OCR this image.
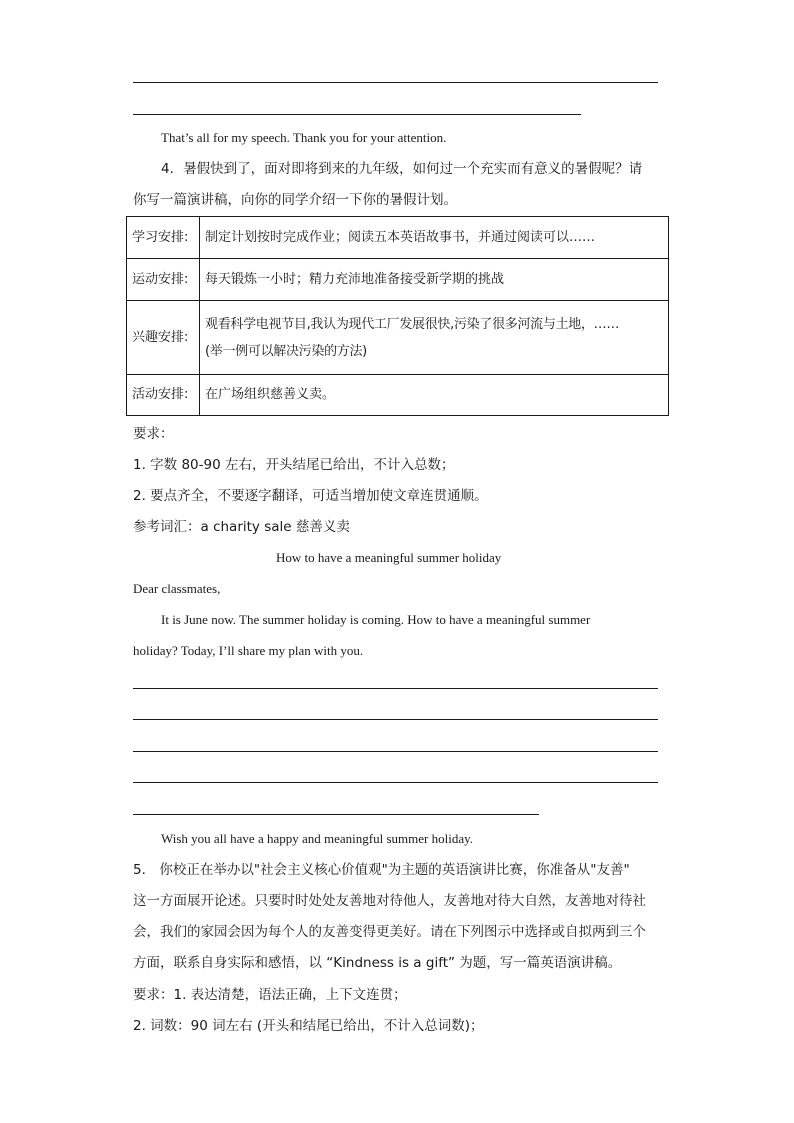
That’s all for my speech. Thank you for your attention.
4．暑假快到了，面对即将到来的九年级，如何过一个充实而有意义的暑假呢？请
你写一篇演讲稿，向你的同学介绍一下你的暑假计划。
学习安排:	制定计划按时完成作业；阅读五本英语故事书，并通过阅读可以……
运动安排:	每天锻炼一小时；精力充沛地准备接受新学期的挑战
兴趣安排:	观看科学电视节目,我认为现代工厂发展很快,污染了很多河流与土地，……
(举一例可以解决污染的方法)

活动安排:	在广场组织慈善义卖。
要求：
1. 字数 80-90 左右，开头结尾已给出，不计入总数；
2. 要点齐全，不要逐字翻译，可适当增加使文章连贯通顺。
参考词汇：a charity sale 慈善义卖
How to have a meaningful summer holiday
Dear classmates,
It is June now. The summer holiday is coming. How to have a meaningful summer
holiday? Today, I’ll share my plan with you.
Wish you all have a happy and meaningful summer holiday.
5． 你校正在举办以"社会主义核心价值观"为主题的英语演讲比赛，你准备从"友善"
这一方面展开论述。只要时时处处友善地对待他人，友善地对待大自然，友善地对待社
会，我们的家园会因为每个人的友善变得更美好。请在下列图示中选择或自拟两到三个
方面，联系自身实际和感悟，以 “Kindness is a gift” 为题，写一篇英语演讲稿。
要求：1. 表达清楚，语法正确，上下文连贯；
2. 词数：90 词左右 (开头和结尾已给出，不计入总词数)；
